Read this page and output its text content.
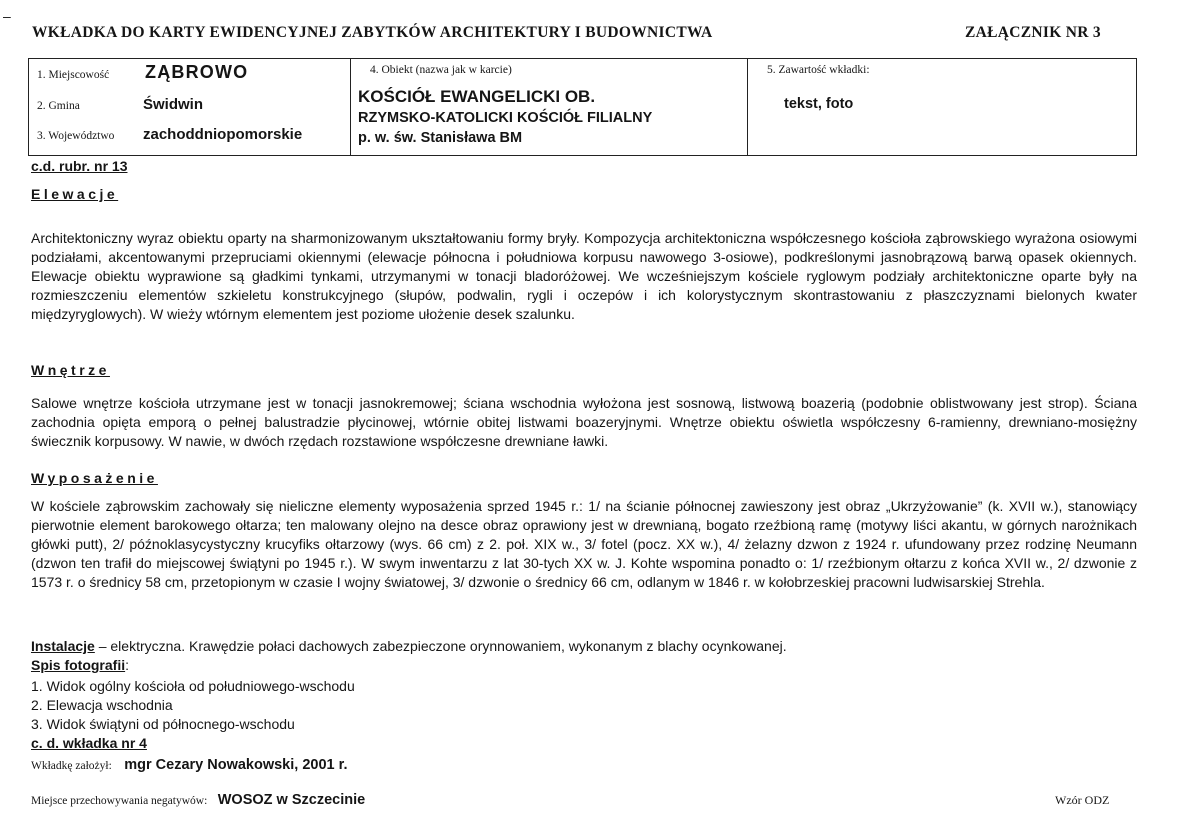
–
WKŁADKA DO KARTY EWIDENCYJNEJ ZABYTKÓW ARCHITEKTURY I BUDOWNICTWA	ZAŁĄCZNIK NR 3
1. Miejscowość ZĄBROWO
2. Gmina	Świdwin
3. Województwo zachoddniopomorskie
4. Obiekt (nazwa jak w karcie)
KOŚCIÓŁ EWANGELICKI OB.
RZYMSKO-KATOLICKI KOŚCIÓŁ FILIALNY
p. w. św. Stanisława BM
5. Zawartość wkładki:
tekst, foto
c.d. rubr. nr 13
Elewacje
Architektoniczny wyraz obiektu oparty na sharmonizowanym ukształtowaniu formy bryły. Kompozycja architektoniczna współczesnego kościoła ząbrowskiego wyrażona osiowymi podziałami, akcentowanymi przepruciami okiennymi (elewacje północna i południowa korpusu nawowego 3-osiowe), podkreślonymi jasnobrązową barwą opasek okiennych. Elewacje obiektu wyprawione są gładkimi tynkami, utrzymanymi w tonacji bladoróżowej. We wcześniejszym kościele ryglowym podziały architektoniczne oparte były na rozmieszczeniu elementów szkieletu konstrukcyjnego (słupów, podwalin, rygli i oczepów i ich kolorystycznym skontrastowaniu z płaszczyznami bielonych kwater międzyryglowych). W wieży wtórnym elementem jest poziome ułożenie desek szalunku.
Wnętrze
Salowe wnętrze kościoła utrzymane jest w tonacji jasnokremowej; ściana wschodnia wyłożona jest sosnową, listwową boazerią (podobnie oblistwowany jest strop). Ściana zachodnia opięta emporą o pełnej balustradzie płycinowej, wtórnie obitej listwami boazeryjnymi. Wnętrze obiektu oświetla współczesny 6-ramienny, drewniano-mosiężny świecznik korpusowy. W nawie, w dwóch rzędach rozstawione współczesne drewniane ławki.
Wyposażenie
W kościele ząbrowskim zachowały się nieliczne elementy wyposażenia sprzed 1945 r.: 1/ na ścianie północnej zawieszony jest obraz „Ukrzyżowanie” (k. XVII w.), stanowiący pierwotnie element barokowego ołtarza; ten malowany olejno na desce obraz oprawiony jest w drewnianą, bogato rzeźbioną ramę (motywy liści akantu, w górnych narożnikach główki putt), 2/ późnoklasycystyczny krucyfiks ołtarzowy (wys. 66 cm) z 2. poł. XIX w., 3/ fotel (pocz. XX w.), 4/ żelazny dzwon z 1924 r. ufundowany przez rodzinę Neumann (dzwon ten trafił do miejscowej świątyni po 1945 r.). W swym inwentarzu z lat 30-tych XX w. J. Kohte wspomina ponadto o: 1/ rzeźbionym ołtarzu z końca XVII w., 2/ dzwonie z 1573 r. o średnicy 58 cm, przetopionym w czasie I wojny światowej, 3/ dzwonie o średnicy 66 cm, odlanym w 1846 r. w kołobrzeskiej pracowni ludwisarskiej Strehla.
Instalacje – elektryczna. Krawędzie połaci dachowych zabezpieczone orynnowaniem, wykonanym z blachy ocynkowanej.
Spis fotografii:
1. Widok ogólny kościoła od południowego-wschodu
2. Elewacja wschodnia
3. Widok świątyni od północnego-wschodu
c. d. wkładka nr 4
Wkładkę założył: mgr Cezary Nowakowski, 2001 r.
Miejsce przechowywania negatywów: WOSOZ w Szczecinie	Wzór ODZ
